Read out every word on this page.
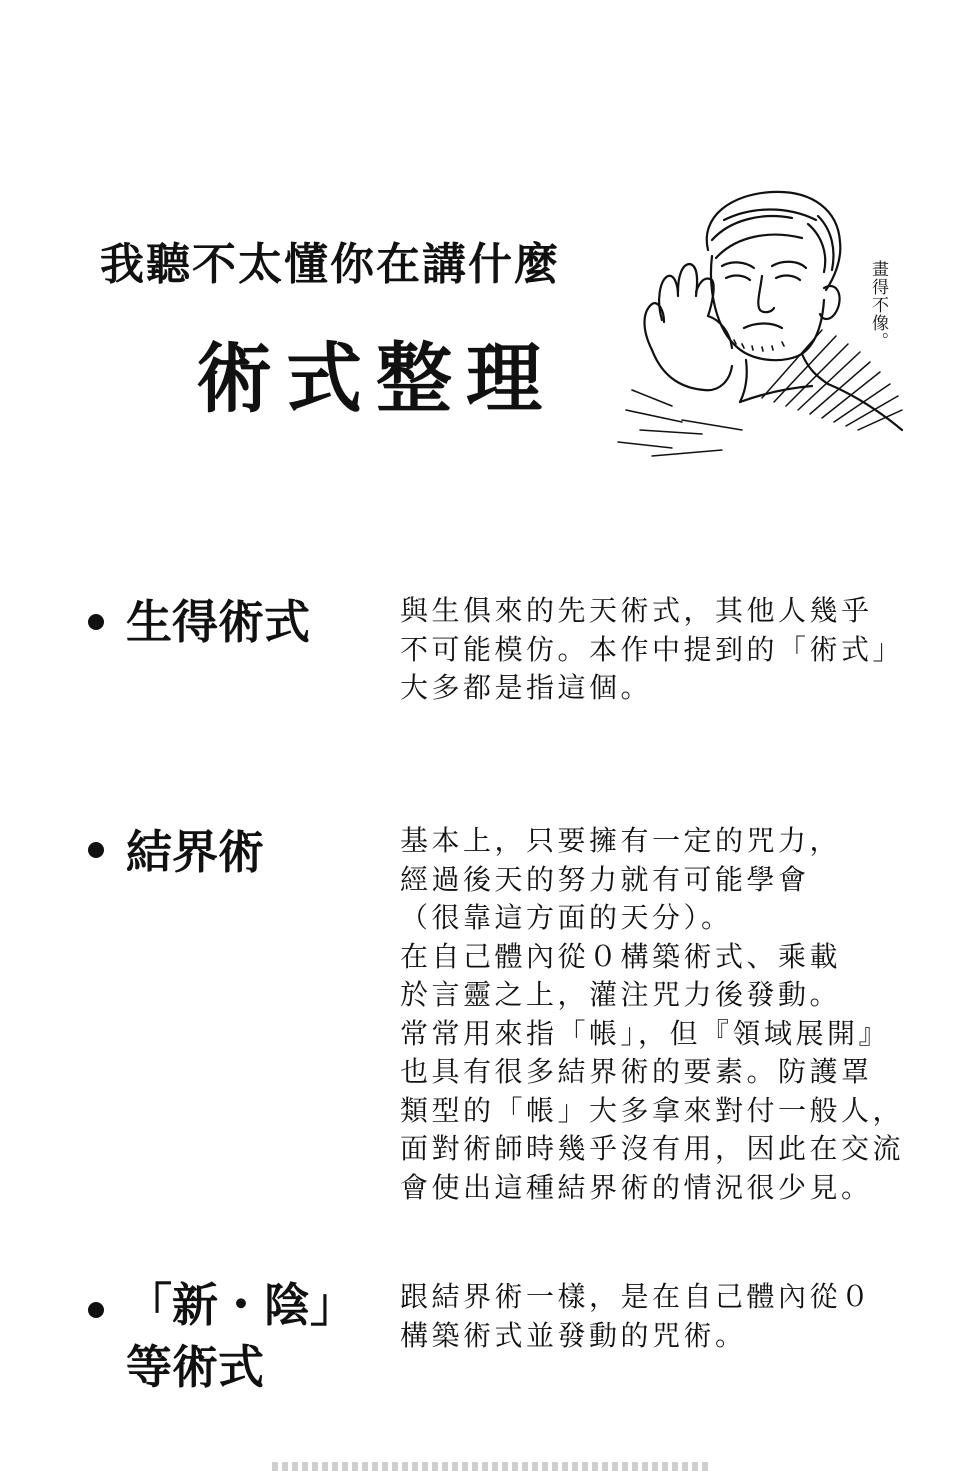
我聽不太懂你在講什麼
術式整理
畫得不像。
生得術式	與生俱來的先天術式，其他人幾乎
不可能模仿。本作中提到的「術式」
大多都是指這個。
結界術	基本上，只要擁有一定的咒力，
經過後天的努力就有可能學會
（很靠這方面的天分）。
在自己體內從０構築術式、乘載
於言靈之上，灌注咒力後發動。
常常用來指「帳」，但『領域展開』
也具有很多結界術的要素。防護罩
類型的「帳」大多拿來對付一般人，
面對術師時幾乎沒有用，因此在交流
會使出這種結界術的情況很少見。
「新・陰」
等術式
跟結界術一樣，是在自己體內從０
構築術式並發動的咒術。
